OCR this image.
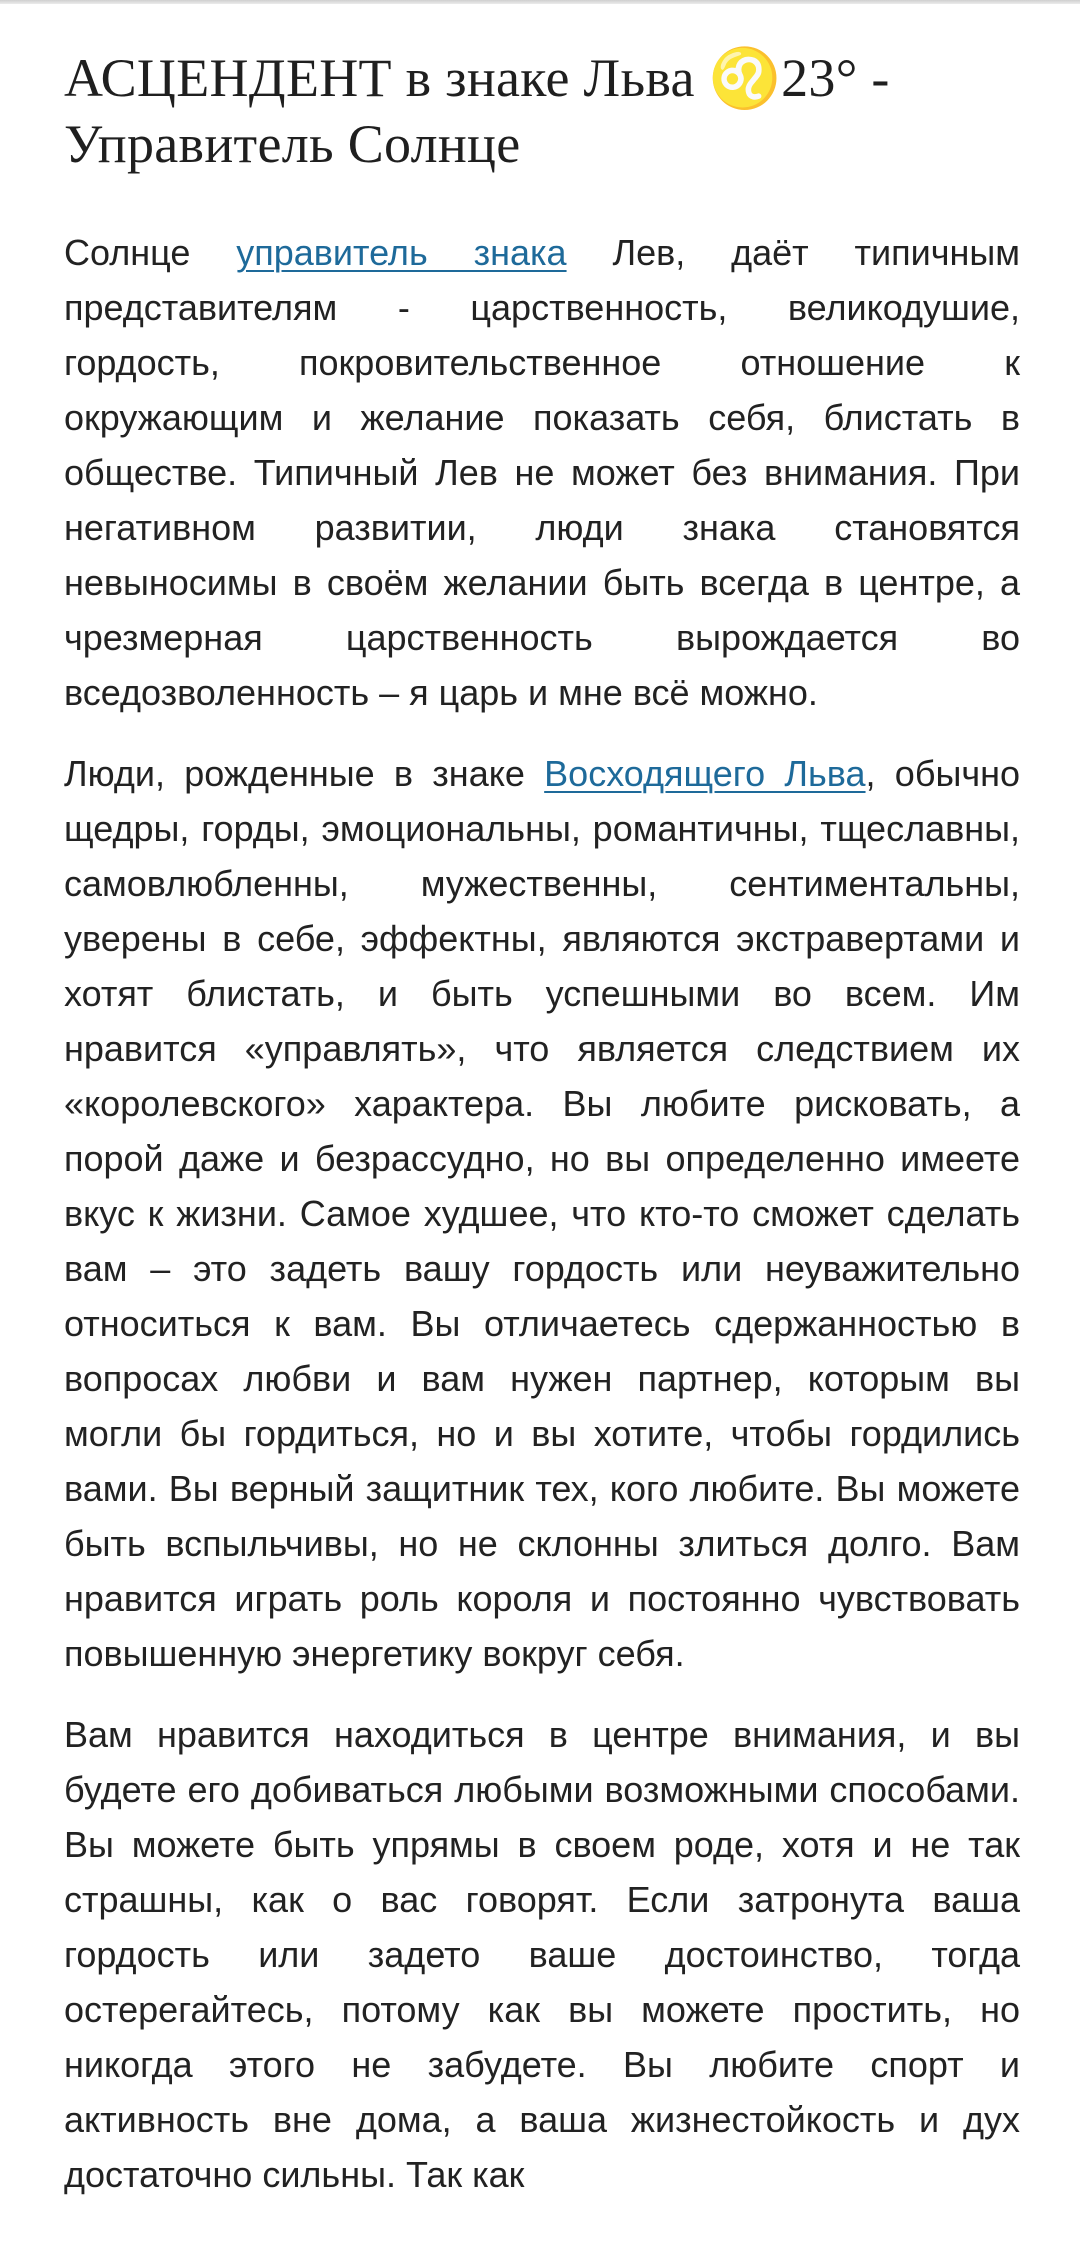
АСЦЕНДЕНТ в знаке Льва ♌23° - Управитель Солнце

Солнце управитель знака Лев, даёт типичным представителям - царственность, великодушие, гордость, покровительственное отношение к окружающим и желание показать себя, блистать в обществе. Типичный Лев не может без внимания. При негативном развитии, люди знака становятся невыносимы в своём желании быть всегда в центре, а чрезмерная царственность вырождается во вседозволенность – я царь и мне всё можно.

Люди, рожденные в знаке Восходящего Льва, обычно щедры, горды, эмоциональны, романтичны, тщеславны, самовлюбленны, мужественны, сентиментальны, уверены в себе, эффектны, являются экстравертами и хотят блистать, и быть успешными во всем. Им нравится «управлять», что является следствием их «королевского» характера. Вы любите рисковать, а порой даже и безрассудно, но вы определенно имеете вкус к жизни. Самое худшее, что кто-то сможет сделать вам – это задеть вашу гордость или неуважительно относиться к вам. Вы отличаетесь сдержанностью в вопросах любви и вам нужен партнер, которым вы могли бы гордиться, но и вы хотите, чтобы гордились вами. Вы верный защитник тех, кого любите. Вы можете быть вспыльчивы, но не склонны злиться долго. Вам нравится играть роль короля и постоянно чувствовать повышенную энергетику вокруг себя.

Вам нравится находиться в центре внимания, и вы будете его добиваться любыми возможными способами. Вы можете быть упрямы в своем роде, хотя и не так страшны, как о вас говорят. Если затронута ваша гордость или задето ваше достоинство, тогда остерегайтесь, потому как вы можете простить, но никогда этого не забудете. Вы любите спорт и активность вне дома, а ваша жизнестойкость и дух достаточно сильны. Так как
